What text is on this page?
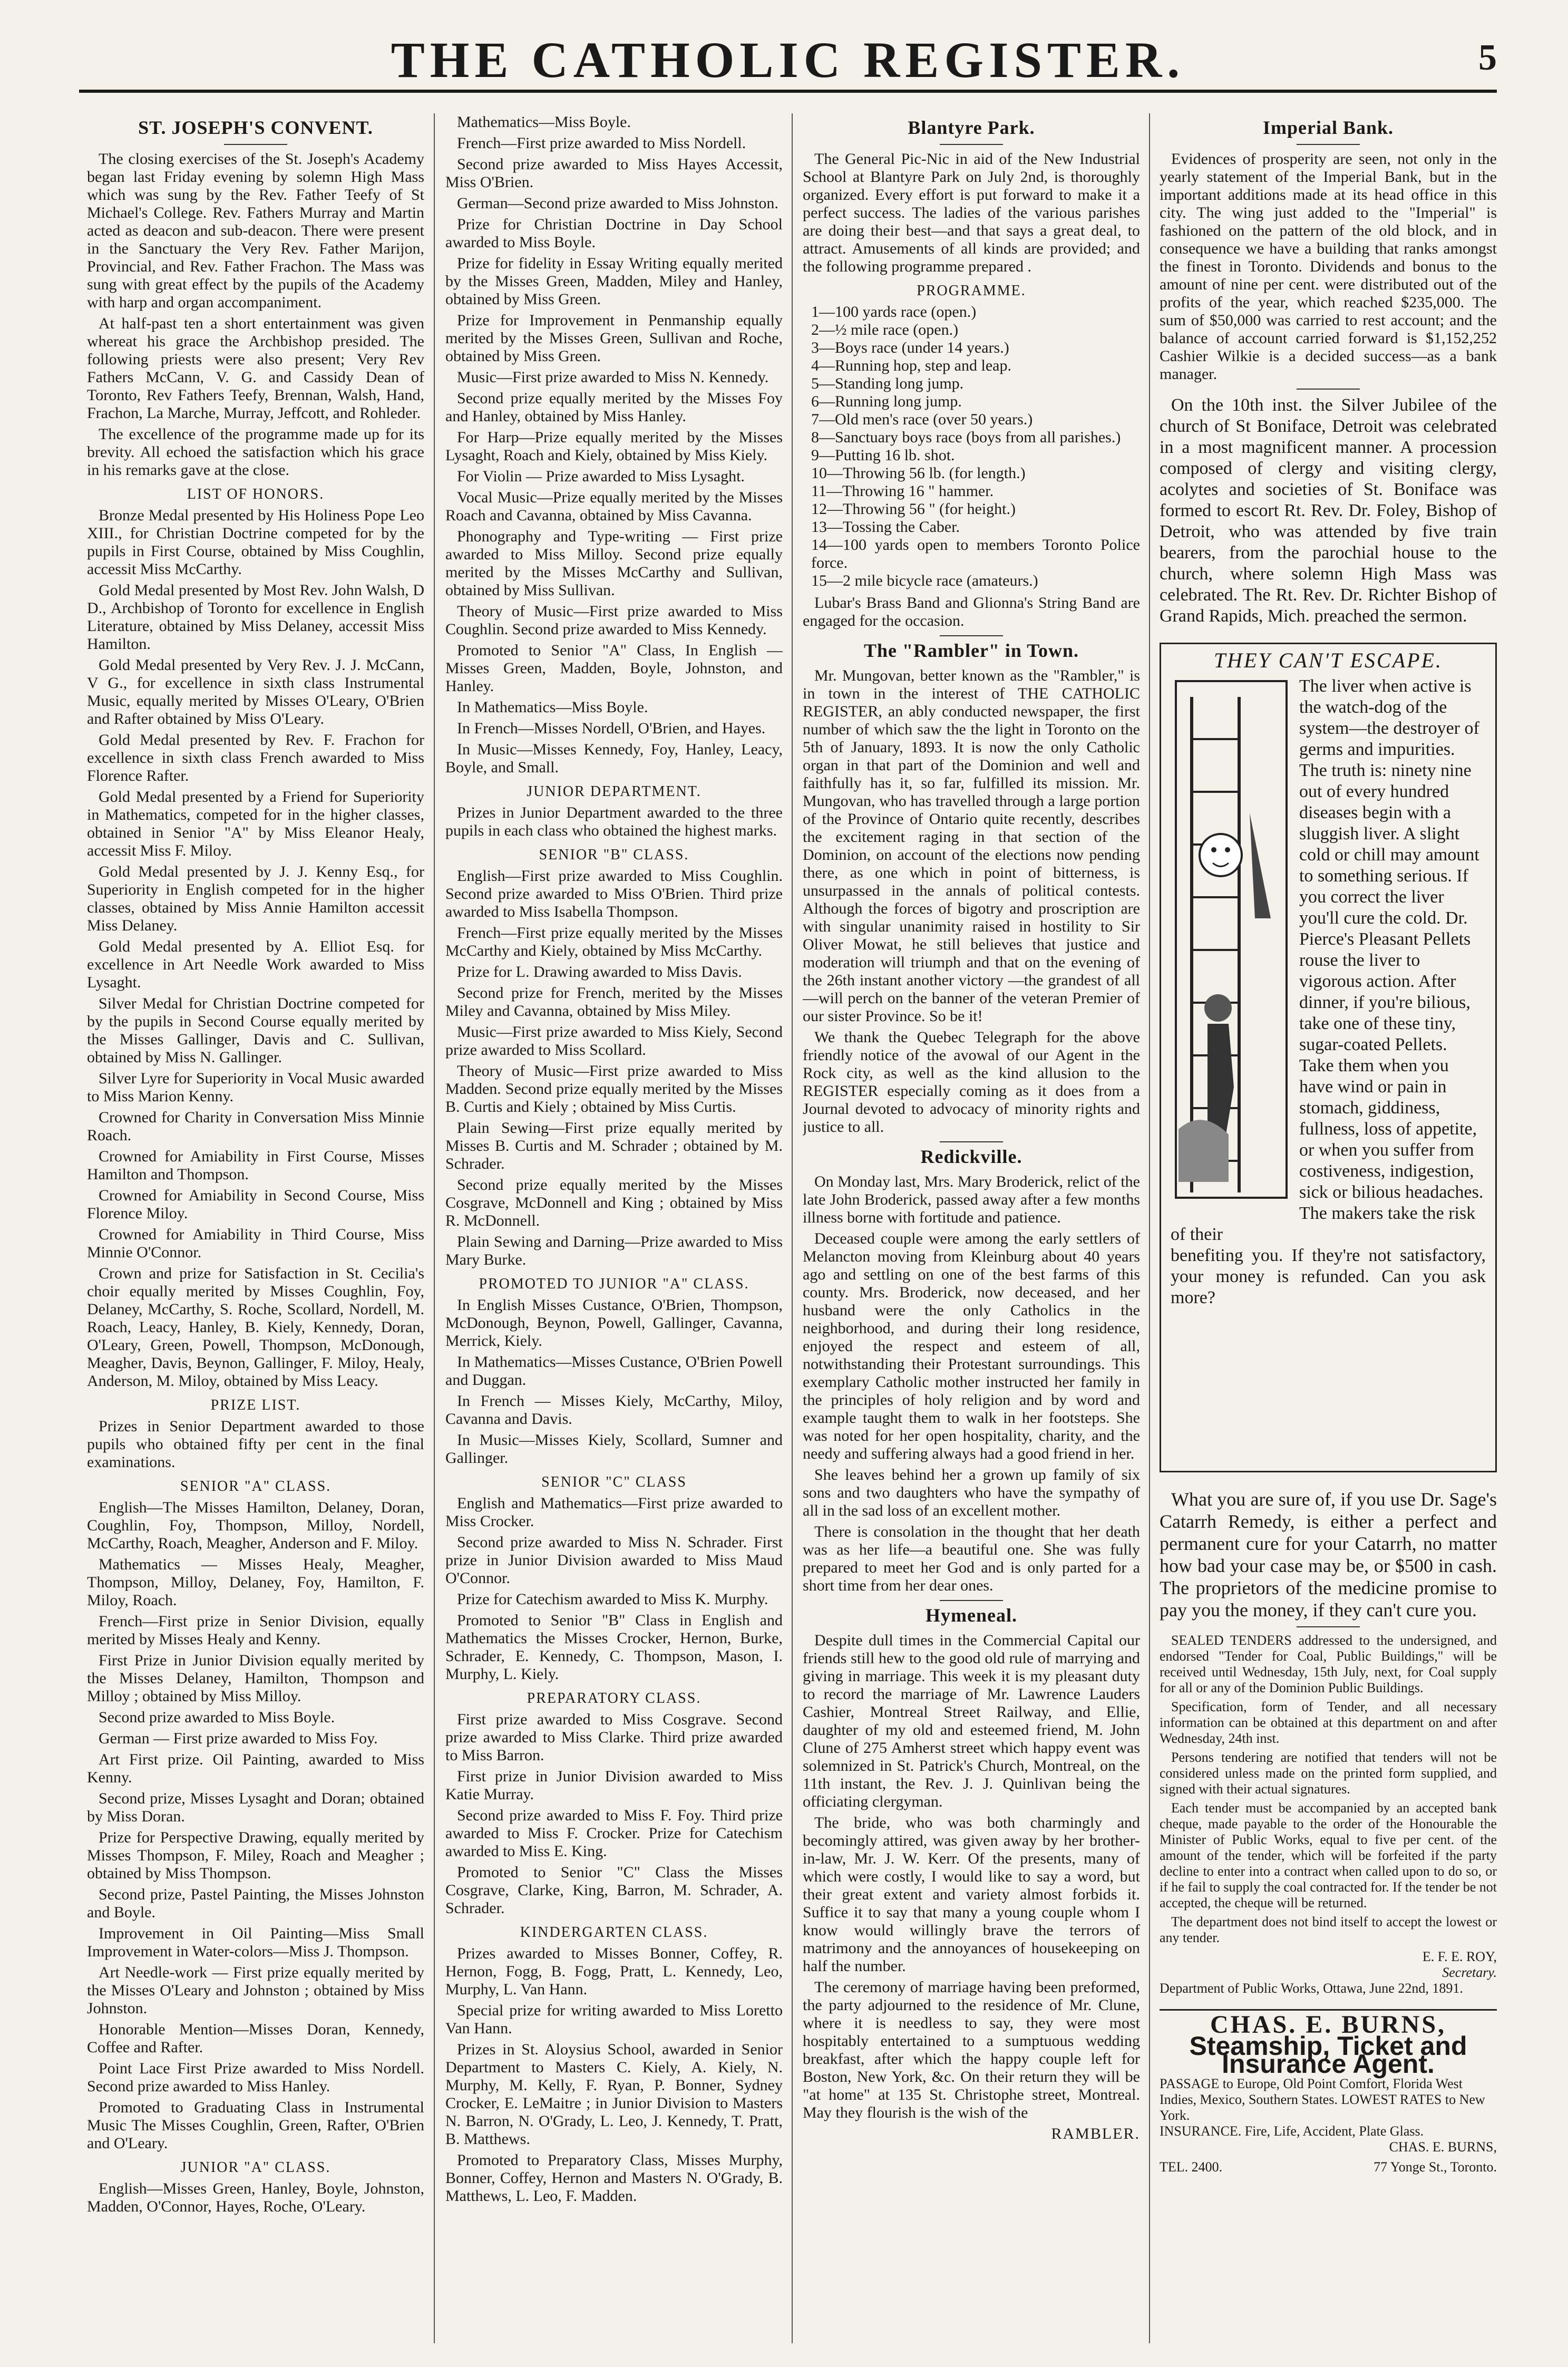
THE CATHOLIC REGISTER.	5
ST. JOSEPH'S CONVENT.

The closing exercises of the St. Joseph's Academy began last Friday evening by solemn High Mass which was sung by the Rev. Father Teefy of St Michael's College. Rev. Fathers Murray and Martin acted as deacon and sub-deacon. There were present in the Sanctuary the Very Rev. Father Marijon, Provincial, and Rev. Father Frachon. The Mass was sung with great effect by the pupils of the Academy with harp and organ accompaniment.

At half-past ten a short entertainment was given whereat his grace the Archbishop presided. The following priests were also present; Very Rev Fathers McCann, V. G. and Cassidy Dean of Toronto, Rev Fathers Teefy, Brennan, Walsh, Hand, Frachon, La Marche, Murray, Jeffcott, and Rohleder.

The excellence of the programme made up for its brevity. All echoed the satisfaction which his grace in his remarks gave at the close.

LIST OF HONORS.

Bronze Medal presented by His Holiness Pope Leo XIII., for Christian Doctrine competed for by the pupils in First Course, obtained by Miss Coughlin, accessit Miss McCarthy.

Gold Medal presented by Most Rev. John Walsh, D D., Archbishop of Toronto for excellence in English Literature, obtained by Miss Delaney, accessit Miss Hamilton.

Gold Medal presented by Very Rev. J. J. McCann, V G., for excellence in sixth class Instrumental Music, equally merited by Misses O'Leary, O'Brien and Rafter obtained by Miss O'Leary.

Gold Medal presented by Rev. F. Frachon for excellence in sixth class French awarded to Miss Florence Rafter.

Gold Medal presented by a Friend for Superiority in Mathematics, competed for in the higher classes, obtained in Senior "A" by Miss Eleanor Healy, accessit Miss F. Miloy.

Gold Medal presented by J. J. Kenny Esq., for Superiority in English competed for in the higher classes, obtained by Miss Annie Hamilton accessit Miss Delaney.

Gold Medal presented by A. Elliot Esq. for excellence in Art Needle Work awarded to Miss Lysaght.

Silver Medal for Christian Doctrine competed for by the pupils in Second Course equally merited by the Misses Gallinger, Davis and C. Sullivan, obtained by Miss N. Gallinger.

Silver Lyre for Superiority in Vocal Music awarded to Miss Marion Kenny.

Crowned for Charity in Conversation Miss Minnie Roach.

Crowned for Amiability in First Course, Misses Hamilton and Thompson.

Crowned for Amiability in Second Course, Miss Florence Miloy.

Crowned for Amiability in Third Course, Miss Minnie O'Connor.

Crown and prize for Satisfaction in St. Cecilia's choir equally merited by Misses Coughlin, Foy, Delaney, McCarthy, S. Roche, Scollard, Nordell, M. Roach, Leacy, Hanley, B. Kiely, Kennedy, Doran, O'Leary, Green, Powell, Thompson, McDonough, Meagher, Davis, Beynon, Gallinger, F. Miloy, Healy, Anderson, M. Miloy, obtained by Miss Leacy.

PRIZE LIST.

Prizes in Senior Department awarded to those pupils who obtained fifty per cent in the final examinations.

SENIOR "A" CLASS.

English—The Misses Hamilton, Delaney, Doran, Coughlin, Foy, Thompson, Milloy, Nordell, McCarthy, Roach, Meagher, Anderson and F. Miloy.

Mathematics — Misses Healy, Meagher, Thompson, Milloy, Delaney, Foy, Hamilton, F. Miloy, Roach.

French—First prize in Senior Division, equally merited by Misses Healy and Kenny.

First Prize in Junior Division equally merited by the Misses Delaney, Hamilton, Thompson and Milloy ; obtained by Miss Milloy.

Second prize awarded to Miss Boyle.

German — First prize awarded to Miss Foy.

Art First prize. Oil Painting, awarded to Miss Kenny.

Second prize, Misses Lysaght and Doran; obtained by Miss Doran.

Prize for Perspective Drawing, equally merited by Misses Thompson, F. Miley, Roach and Meagher ; obtained by Miss Thompson.

Second prize, Pastel Painting, the Misses Johnston and Boyle.

Improvement in Oil Painting—Miss Small Improvement in Water-colors—Miss J. Thompson.

Art Needle-work — First prize equally merited by the Misses O'Leary and Johnston ; obtained by Miss Johnston.

Honorable Mention—Misses Doran, Kennedy, Coffee and Rafter.

Point Lace First Prize awarded to Miss Nordell. Second prize awarded to Miss Hanley.

Promoted to Graduating Class in Instrumental Music The Misses Coughlin, Green, Rafter, O'Brien and O'Leary.

JUNIOR "A" CLASS.

English—Misses Green, Hanley, Boyle, Johnston, Madden, O'Connor, Hayes, Roche, O'Leary.

Mathematics—Miss Boyle.

French—First prize awarded to Miss Nordell.

Second prize awarded to Miss Hayes Accessit, Miss O'Brien.

German—Second prize awarded to Miss Johnston.

Prize for Christian Doctrine in Day School awarded to Miss Boyle.

Prize for fidelity in Essay Writing equally merited by the Misses Green, Madden, Miley and Hanley, obtained by Miss Green.

Prize for Improvement in Penmanship equally merited by the Misses Green, Sullivan and Roche, obtained by Miss Green.

Music—First prize awarded to Miss N. Kennedy.

Second prize equally merited by the Misses Foy and Hanley, obtained by Miss Hanley.

For Harp—Prize equally merited by the Misses Lysaght, Roach and Kiely, obtained by Miss Kiely.

For Violin — Prize awarded to Miss Lysaght.

Vocal Music—Prize equally merited by the Misses Roach and Cavanna, obtained by Miss Cavanna.

Phonography and Type-writing — First prize awarded to Miss Milloy. Second prize equally merited by the Misses McCarthy and Sullivan, obtained by Miss Sullivan.

Theory of Music—First prize awarded to Miss Coughlin. Second prize awarded to Miss Kennedy.

Promoted to Senior "A" Class, In English —Misses Green, Madden, Boyle, Johnston, and Hanley.

In Mathematics—Miss Boyle.

In French—Misses Nordell, O'Brien, and Hayes.

In Music—Misses Kennedy, Foy, Hanley, Leacy, Boyle, and Small.

JUNIOR DEPARTMENT.

Prizes in Junior Department awarded to the three pupils in each class who obtained the highest marks.

SENIOR "B" CLASS.

English—First prize awarded to Miss Coughlin. Second prize awarded to Miss O'Brien. Third prize awarded to Miss Isabella Thompson.

French—First prize equally merited by the Misses McCarthy and Kiely, obtained by Miss McCarthy.

Prize for L. Drawing awarded to Miss Davis.

Second prize for French, merited by the Misses Miley and Cavanna, obtained by Miss Miley.

Music—First prize awarded to Miss Kiely, Second prize awarded to Miss Scollard.

Theory of Music—First prize awarded to Miss Madden. Second prize equally merited by the Misses B. Curtis and Kiely ; obtained by Miss Curtis.

Plain Sewing—First prize equally merited by Misses B. Curtis and M. Schrader ; obtained by M. Schrader.

Second prize equally merited by the Misses Cosgrave, McDonnell and King ; obtained by Miss R. McDonnell.

Plain Sewing and Darning—Prize awarded to Miss Mary Burke.

PROMOTED TO JUNIOR "A" CLASS.

In English Misses Custance, O'Brien, Thompson, McDonough, Beynon, Powell, Gallinger, Cavanna, Merrick, Kiely.

In Mathematics—Misses Custance, O'Brien Powell and Duggan.

In French — Misses Kiely, McCarthy, Miloy, Cavanna and Davis.

In Music—Misses Kiely, Scollard, Sumner and Gallinger.

SENIOR "C" CLASS

English and Mathematics—First prize awarded to Miss Crocker.

Second prize awarded to Miss N. Schrader. First prize in Junior Division awarded to Miss Maud O'Connor.

Prize for Catechism awarded to Miss K. Murphy.

Promoted to Senior "B" Class in English and Mathematics the Misses Crocker, Hernon, Burke, Schrader, E. Kennedy, C. Thompson, Mason, I. Murphy, L. Kiely.

PREPARATORY CLASS.

First prize awarded to Miss Cosgrave. Second prize awarded to Miss Clarke. Third prize awarded to Miss Barron.

First prize in Junior Division awarded to Miss Katie Murray.

Second prize awarded to Miss F. Foy. Third prize awarded to Miss F. Crocker. Prize for Catechism awarded to Miss E. King.

Promoted to Senior "C" Class the Misses Cosgrave, Clarke, King, Barron, M. Schrader, A. Schrader.

KINDERGARTEN CLASS.

Prizes awarded to Misses Bonner, Coffey, R. Hernon, Fogg, B. Fogg, Pratt, L. Kennedy, Leo, Murphy, L. Van Hann.

Special prize for writing awarded to Miss Loretto Van Hann.

Prizes in St. Aloysius School, awarded in Senior Department to Masters C. Kiely, A. Kiely, N. Murphy, M. Kelly, F. Ryan, P. Bonner, Sydney Crocker, E. LeMaitre ; in Junior Division to Masters N. Barron, N. O'Grady, L. Leo, J. Kennedy, T. Pratt, B. Matthews.

Promoted to Preparatory Class, Misses Murphy, Bonner, Coffey, Hernon and Masters N. O'Grady, B. Matthews, L. Leo, F. Madden.

Blantyre Park.

The General Pic-Nic in aid of the New Industrial School at Blantyre Park on July 2nd, is thoroughly organized. Every effort is put forward to make it a perfect success. The ladies of the various parishes are doing their best—and that says a great deal, to attract. Amusements of all kinds are provided; and the following programme prepared .

PROGRAMME.
1—100 yards race (open.)
2—½ mile race (open.)
3—Boys race (under 14 years.)
4—Running hop, step and leap.
5—Standing long jump.
6—Running long jump.
7—Old men's race (over 50 years.)
8—Sanctuary boys race (boys from all parishes.)
9—Putting 16 lb. shot.
10—Throwing 56 lb. (for length.)
11—Throwing 16 " hammer.
12—Throwing 56 " (for height.)
13—Tossing the Caber.
14—100 yards open to members Toronto Police force.
15—2 mile bicycle race (amateurs.)

Lubar's Brass Band and Glionna's String Band are engaged for the occasion.

The "Rambler" in Town.

Mr. Mungovan, better known as the "Rambler," is in town in the interest of THE CATHOLIC REGISTER, an ably conducted newspaper, the first number of which saw the the light in Toronto on the 5th of January, 1893. It is now the only Catholic organ in that part of the Dominion and well and faithfully has it, so far, fulfilled its mission. Mr. Mungovan, who has travelled through a large portion of the Province of Ontario quite recently, describes the excitement raging in that section of the Dominion, on account of the elections now pending there, as one which in point of bitterness, is unsurpassed in the annals of political contests. Although the forces of bigotry and proscription are with singular unanimity raised in hostility to Sir Oliver Mowat, he still believes that justice and moderation will triumph and that on the evening of the 26th instant another victory —the grandest of all—will perch on the banner of the veteran Premier of our sister Province. So be it!

We thank the Quebec Telegraph for the above friendly notice of the avowal of our Agent in the Rock city, as well as the kind allusion to the REGISTER especially coming as it does from a Journal devoted to advocacy of minority rights and justice to all.

Redickville.

On Monday last, Mrs. Mary Broderick, relict of the late John Broderick, passed away after a few months illness borne with fortitude and patience.

Deceased couple were among the early settlers of Melancton moving from Kleinburg about 40 years ago and settling on one of the best farms of this county. Mrs. Broderick, now deceased, and her husband were the only Catholics in the neighborhood, and during their long residence, enjoyed the respect and esteem of all, notwithstanding their Protestant surroundings. This exemplary Catholic mother instructed her family in the principles of holy religion and by word and example taught them to walk in her footsteps. She was noted for her open hospitality, charity, and the needy and suffering always had a good friend in her.

She leaves behind her a grown up family of six sons and two daughters who have the sympathy of all in the sad loss of an excellent mother.

There is consolation in the thought that her death was as her life—a beautiful one. She was fully prepared to meet her God and is only parted for a short time from her dear ones.

Hymeneal.

Despite dull times in the Commercial Capital our friends still hew to the good old rule of marrying and giving in marriage. This week it is my pleasant duty to record the marriage of Mr. Lawrence Lauders Cashier, Montreal Street Railway, and Ellie, daughter of my old and esteemed friend, M. John Clune of 275 Amherst street which happy event was solemnized in St. Patrick's Church, Montreal, on the 11th instant, the Rev. J. J. Quinlivan being the officiating clergyman.

The bride, who was both charmingly and becomingly attired, was given away by her brother-in-law, Mr. J. W. Kerr. Of the presents, many of which were costly, I would like to say a word, but their great extent and variety almost forbids it. Suffice it to say that many a young couple whom I know would willingly brave the terrors of matrimony and the annoyances of housekeeping on half the number.

The ceremony of marriage having been preformed, the party adjourned to the residence of Mr. Clune, where it is needless to say, they were most hospitably entertained to a sumptuous wedding breakfast, after which the happy couple left for Boston, New York, &c. On their return they will be "at home" at 135 St. Christophe street, Montreal. May they flourish is the wish of the

RAMBLER.
Imperial Bank.

Evidences of prosperity are seen, not only in the yearly statement of the Imperial Bank, but in the important additions made at its head office in this city. The wing just added to the "Imperial" is fashioned on the pattern of the old block, and in consequence we have a building that ranks amongst the finest in Toronto. Dividends and bonus to the amount of nine per cent. were distributed out of the profits of the year, which reached $235,000. The sum of $50,000 was carried to rest account; and the balance of account carried forward is $1,152,252 Cashier Wilkie is a decided success—as a bank manager.

On the 10th inst. the Silver Jubilee of the church of St Boniface, Detroit was celebrated in a most magnificent manner. A procession composed of clergy and visiting clergy, acolytes and societies of St. Boniface was formed to escort Rt. Rev. Dr. Foley, Bishop of Detroit, who was attended by five train bearers, from the parochial house to the church, where solemn High Mass was celebrated. The Rt. Rev. Dr. Richter Bishop of Grand Rapids, Mich. preached the sermon.

THEY CAN'T ESCAPE.
The liver when active is the watch-dog of the system—the destroyer of germs and impurities. The truth is: ninety nine out of every hundred diseases begin with a sluggish liver. A slight cold or chill may amount to something serious. If you correct the liver you'll cure the cold. Dr. Pierce's Pleasant Pellets rouse the liver to vigorous action. After dinner, if you're bilious, take one of these tiny, sugar-coated Pellets. Take them when you have wind or pain in stomach, giddiness, fullness, loss of appetite, or when you suffer from costiveness, indigestion, sick or bilious headaches. The makers take the risk of their
benefiting you. If they're not satisfactory, your money is refunded. Can you ask more?

What you are sure of, if you use Dr. Sage's Catarrh Remedy, is either a perfect and permanent cure for your Catarrh, no matter how bad your case may be, or $500 in cash. The proprietors of the medicine promise to pay you the money, if they can't cure you.

SEALED TENDERS addressed to the undersigned, and endorsed "Tender for Coal, Public Buildings," will be received until Wednesday, 15th July, next, for Coal supply for all or any of the Dominion Public Buildings.

Specification, form of Tender, and all necessary information can be obtained at this department on and after Wednesday, 24th inst.

Persons tendering are notified that tenders will not be considered unless made on the printed form supplied, and signed with their actual signatures.

Each tender must be accompanied by an accepted bank cheque, made payable to the order of the Honourable the Minister of Public Works, equal to five per cent. of the amount of the tender, which will be forfeited if the party decline to enter into a contract when called upon to do so, or if he fail to supply the coal contracted for. If the tender be not accepted, the cheque will be returned.

The department does not bind itself to accept the lowest or any tender.

E. F. E. ROY,
Secretary.
Department of Public Works, Ottawa, June 22nd, 1891.
CHAS. E. BURNS,
Steamship, Ticket and Insurance Agent.
PASSAGE to Europe, Old Point Comfort, Florida West Indies, Mexico, Southern States. LOWEST RATES to New York.
INSURANCE. Fire, Life, Accident, Plate Glass.
CHAS. E. BURNS,
TEL. 2400.	77 Yonge St., Toronto.
